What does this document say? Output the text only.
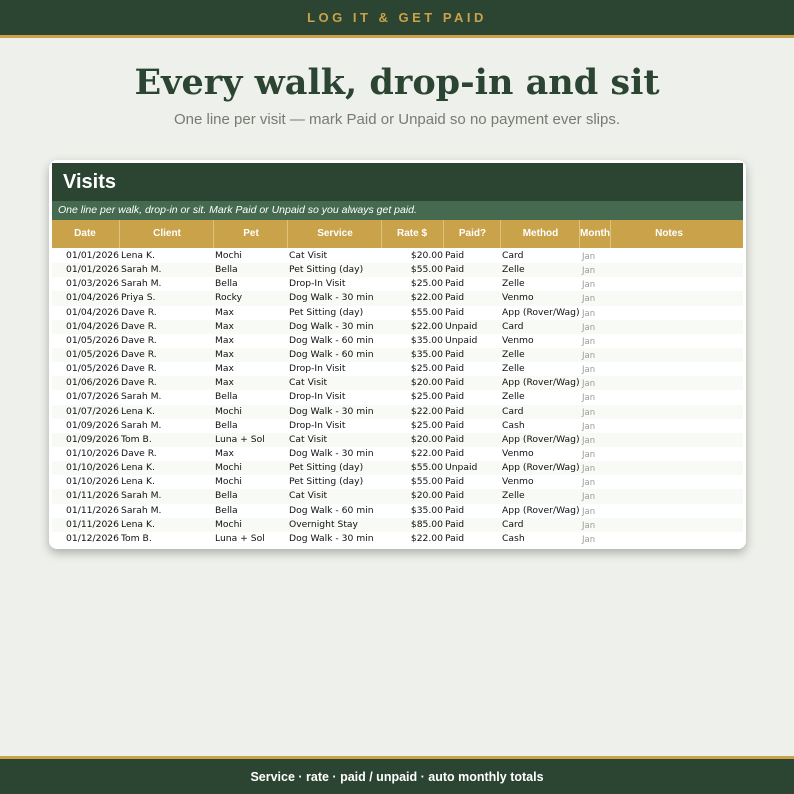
LOG IT & GET PAID
Every walk, drop-in and sit
One line per visit — mark Paid or Unpaid so no payment ever slips.
Visits
One line per walk, drop-in or sit. Mark Paid or Unpaid so you always get paid.
Date	Client	Pet	Service	Rate $	Paid?	Method	Month	Notes
01/01/2026 Lena K.	Mochi	Cat Visit	$20.00 Paid	Card	Jan
01/01/2026 Sarah M.	Bella	Pet Sitting (day)	$55.00 Paid	Zelle	Jan
01/03/2026 Sarah M.	Bella	Drop-In Visit	$25.00 Paid	Zelle	Jan
01/04/2026 Priya S.	Rocky	Dog Walk - 30 min	$22.00 Paid	Venmo	Jan
01/04/2026 Dave R.	Max	Pet Sitting (day)	$55.00 Paid	App (Rover/Wag) Jan
01/04/2026 Dave R.	Max	Dog Walk - 30 min	$22.00 Unpaid	Card	Jan
01/05/2026 Dave R.	Max	Dog Walk - 60 min	$35.00 Unpaid	Venmo	Jan
01/05/2026 Dave R.	Max	Dog Walk - 60 min	$35.00 Paid	Zelle	Jan
01/05/2026 Dave R.	Max	Drop-In Visit	$25.00 Paid	Zelle	Jan
01/06/2026 Dave R.	Max	Cat Visit	$20.00 Paid	App (Rover/Wag) Jan
01/07/2026 Sarah M.	Bella	Drop-In Visit	$25.00 Paid	Zelle	Jan
01/07/2026 Lena K.	Mochi	Dog Walk - 30 min	$22.00 Paid	Card	Jan
01/09/2026 Sarah M.	Bella	Drop-In Visit	$25.00 Paid	Cash	Jan
01/09/2026 Tom B.	Luna + Sol	Cat Visit	$20.00 Paid	App (Rover/Wag) Jan
01/10/2026 Dave R.	Max	Dog Walk - 30 min	$22.00 Paid	Venmo	Jan
01/10/2026 Lena K.	Mochi	Pet Sitting (day)	$55.00 Unpaid	App (Rover/Wag) Jan
01/10/2026 Lena K.	Mochi	Pet Sitting (day)	$55.00 Paid	Venmo	Jan
01/11/2026 Sarah M.	Bella	Cat Visit	$20.00 Paid	Zelle	Jan
01/11/2026 Sarah M.	Bella	Dog Walk - 60 min	$35.00 Paid	App (Rover/Wag) Jan
01/11/2026 Lena K.	Mochi	Overnight Stay	$85.00 Paid	Card	Jan
01/12/2026 Tom B.	Luna + Sol	Dog Walk - 30 min	$22.00 Paid	Cash	Jan
Service · rate · paid / unpaid · auto monthly totals
